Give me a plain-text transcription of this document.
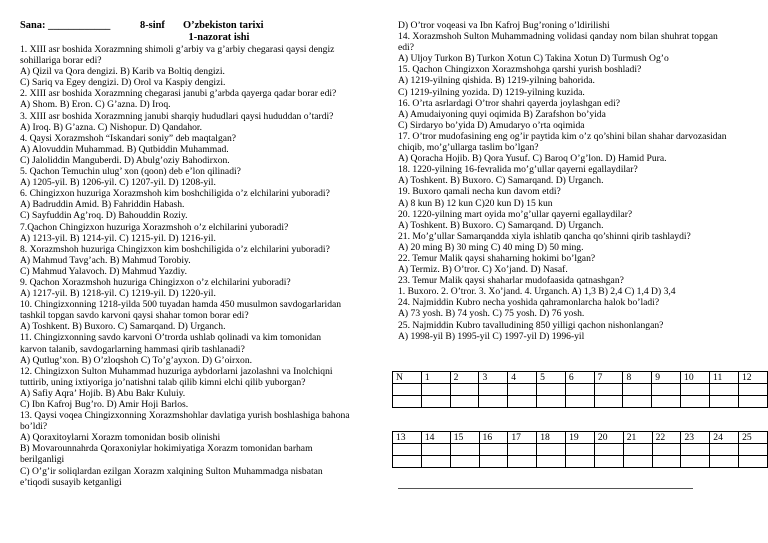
Sana: ____________	8-sinf	O’zbekiston tarixi
1-nazorat ishi

1. XIII asr boshida Xorazmning shimoli g’arbiy va g’arbiy chegarasi qaysi dengiz

sohillariga borar edi?

A) Qizil va Qora dengizi. B) Karib va Boltiq dengizi.

C) Sariq va Egey dengizi. D) Orol va Kaspiy dengizi.

2. XIII asr boshida Xorazmning chegarasi janubi g’arbda qayerga qadar borar edi?

A) Shom. B) Eron. C) G’azna. D) Iroq.

3. XIII asr boshida Xorazmning janubi sharqiy hududlari qaysi hududdan o’tardi?

A) Iroq. B) G’azna. C) Nishopur. D) Qandahor.

4. Qaysi Xorazmshoh “Iskandari soniy” deb maqtalgan?

A) Alovuddin Muhammad. B) Qutbiddin Muhammad.

C) Jaloliddin Manguberdi. D) Abulg’oziy Bahodirxon.

5. Qachon Temuchin ulug’ xon (qoon) deb e’lon qilinadi?

A) 1205-yil. B) 1206-yil. C) 1207-yil. D) 1208-yil.

6. Chingizxon huzuriga Xorazmshoh kim boshchiligida o’z elchilarini yuboradi?

A) Badruddin Amid. B) Fahriddin Habash.

C) Sayfuddin Ag’roq. D) Bahouddin Roziy.

7.Qachon Chingizxon huzuriga Xorazmshoh o’z elchilarini yuboradi?

A) 1213-yil. B) 1214-yil. C) 1215-yil. D) 1216-yil.

8. Xorazmshoh huzuriga Chingizxon kim boshchiligida o’z elchilarini yuboradi?

A) Mahmud Tavg’ach. B) Mahmud Torobiy.

C) Mahmud Yalavoch. D) Mahmud Yazdiy.

9. Qachon Xorazmshoh huzuriga Chingizxon o’z elchilarini yuboradi?

A) 1217-yil. B) 1218-yil. C) 1219-yil. D) 1220-yil.

10. Chingizxonning 1218-yilda 500 tuyadan hamda 450 musulmon savdogarlaridan

tashkil topgan savdo karvoni qaysi shahar tomon borar edi?

A) Toshkent. B) Buxoro. C) Samarqand. D) Urganch.

11. Chingizxonning savdo karvoni O’trorda ushlab qolinadi va kim tomonidan

karvon talanib, savdogarlarning hammasi qirib tashlanadi?

A) Qutlug’xon. B) O’zloqshoh C) To’g’ayxon. D) G’oirxon.

12. Chingizxon Sulton Muhammad huzuriga aybdorlarni jazolashni va Inolchiqni

tuttirib, uning ixtiyoriga jo’natishni talab qilib kimni elchi qilib yuborgan?

A) Safiy Aqra’ Hojib. B) Abu Bakr Kuluiy.

C) Ibn Kafroj Bug’ro. D) Amir Hoji Barlos.

13. Qaysi voqea Chingizxonning Xorazmshohlar davlatiga yurish boshlashiga bahona

bo’ldi?

A) Qoraxitoylarni Xorazm tomonidan bosib olinishi

B) Movarounnahrda Qoraxoniylar hokimiyatiga Xorazm tomonidan barham

berilganligi

C) O’g’ir soliqlardan ezilgan Xorazm xalqining Sulton Muhammadga nisbatan

e’tiqodi susayib ketganligi

D) O’tror voqeasi va Ibn Kafroj Bug’roning o’ldirilishi

14. Xorazmshoh Sulton Muhammadning volidasi qanday nom bilan shuhrat topgan

edi?

A) Uljoy Turkon B) Turkon Xotun C) Takina Xotun D) Turmush Og’o

15. Qachon Chingizxon Xorazmshohga qarshi yurish boshladi?

A) 1219-yilning qishida. B) 1219-yilning bahorida.

C) 1219-yilning yozida. D) 1219-yilning kuzida.

16. O’rta asrlardagi O’tror shahri qayerda joylashgan edi?

A) Amudaiyoning quyi oqimida B) Zarafshon bo’yida

C) Sirdaryo bo’yida D) Amudaryo o’rta oqimida

17. O’tror mudofasining eng og’ir paytida kim o’z qo’shini bilan shahar darvozasidan

chiqib, mo’g’ullarga taslim bo’lgan?

A) Qoracha Hojib. B) Qora Yusuf. C) Baroq O’g’lon. D) Hamid Pura.

18. 1220-yilning 16-fevralida mo’g’ullar qayerni egallaydilar?

A) Toshkent. B) Buxoro. C) Samarqand. D) Urganch.

19. Buxoro qamali necha kun davom etdi?

A) 8 kun B) 12 kun C)20 kun D) 15 kun

20. 1220-yilning mart oyida mo’g’ullar qayerni egallaydilar?

A) Toshkent. B) Buxoro. C) Samarqand. D) Urganch.

21. Mo’g’ullar Samarqandda xiyla ishlatib qancha qo’shinni qirib tashlaydi?

A) 20 ming B) 30 ming C) 40 ming D) 50 ming.

22. Temur Malik qaysi shaharning hokimi bo’lgan?

A) Termiz. B) O’tror. C) Xo’jand. D) Nasaf.

23. Temur Malik qaysi shaharlar mudofaasida qatnashgan?

1. Buxoro. 2. O’tror. 3. Xo’jand. 4. Urganch. A) 1,3 B) 2,4 C) 1,4 D) 3,4

24. Najmiddin Kubro necha yoshida qahramonlarcha halok bo’ladi?

A) 73 yosh. B) 74 yosh. C) 75 yosh. D) 76 yosh.

25. Najmiddin Kubro tavalludining 850 yilligi qachon nishonlangan?

A) 1998-yil B) 1995-yil C) 1997-yil D) 1996-yil

N	1	2	3	4	5	6	7	8	9	10	11	12

13	14	15	16	17	18	19	20	21	22	23	24	25
